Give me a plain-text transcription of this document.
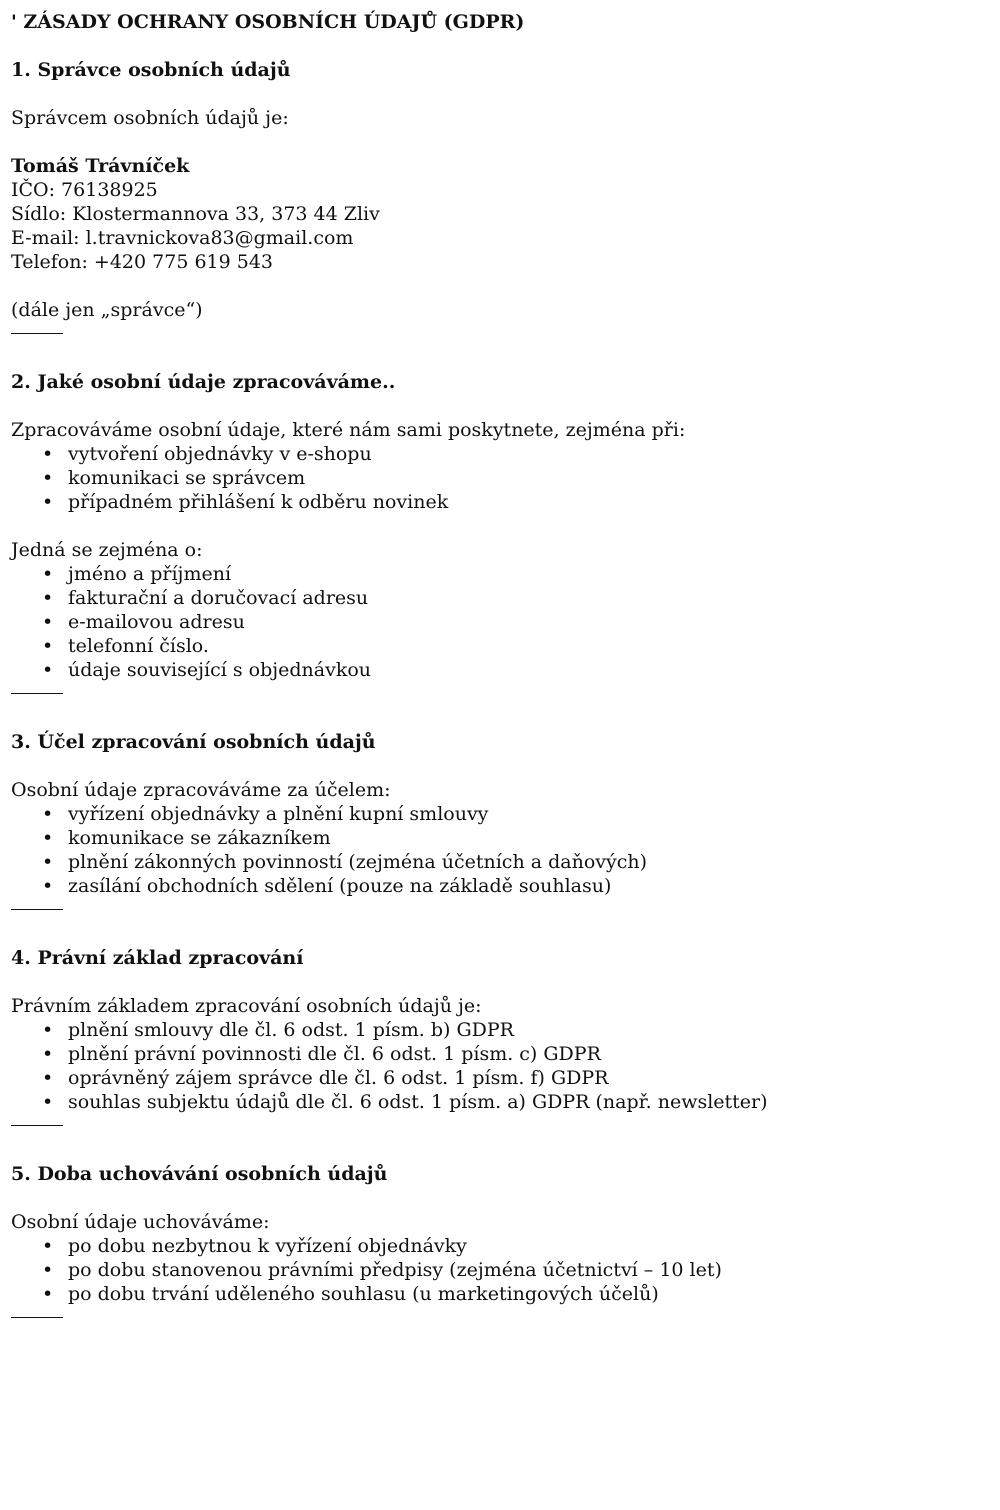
' ZÁSADY OCHRANY OSOBNÍCH ÚDAJŮ (GDPR)
1. Správce osobních údajů

Správcem osobních údajů je:

Tomáš Trávníček

IČO: 76138925

Sídlo: Klostermannova 33, 373 44 Zliv

E-mail: l.travnickova83@gmail.com

Telefon: +420 775 619 543

(dále jen „správce“)

2. Jaké osobní údaje zpracováváme..

Zpracováváme osobní údaje, které nám sami poskytnete, zejména při:

• vytvoření objednávky v e-shopu
• komunikaci se správcem
• případném přihlášení k odběru novinek

Jedná se zejména o:

• jméno a příjmení
• fakturační a doručovací adresu
• e-mailovou adresu
• telefonní číslo.
• údaje související s objednávkou
3. Účel zpracování osobních údajů

Osobní údaje zpracováváme za účelem:

• vyřízení objednávky a plnění kupní smlouvy
• komunikace se zákazníkem
• plnění zákonných povinností (zejména účetních a daňových)
• zasílání obchodních sdělení (pouze na základě souhlasu)
4. Právní základ zpracování

Právním základem zpracování osobních údajů je:

• plnění smlouvy dle čl. 6 odst. 1 písm. b) GDPR
• plnění právní povinnosti dle čl. 6 odst. 1 písm. c) GDPR
• oprávněný zájem správce dle čl. 6 odst. 1 písm. f) GDPR
• souhlas subjektu údajů dle čl. 6 odst. 1 písm. a) GDPR (např. newsletter)
5. Doba uchovávání osobních údajů

Osobní údaje uchováváme:

• po dobu nezbytnou k vyřízení objednávky
• po dobu stanovenou právními předpisy (zejména účetnictví – 10 let)
• po dobu trvání uděleného souhlasu (u marketingových účelů)
